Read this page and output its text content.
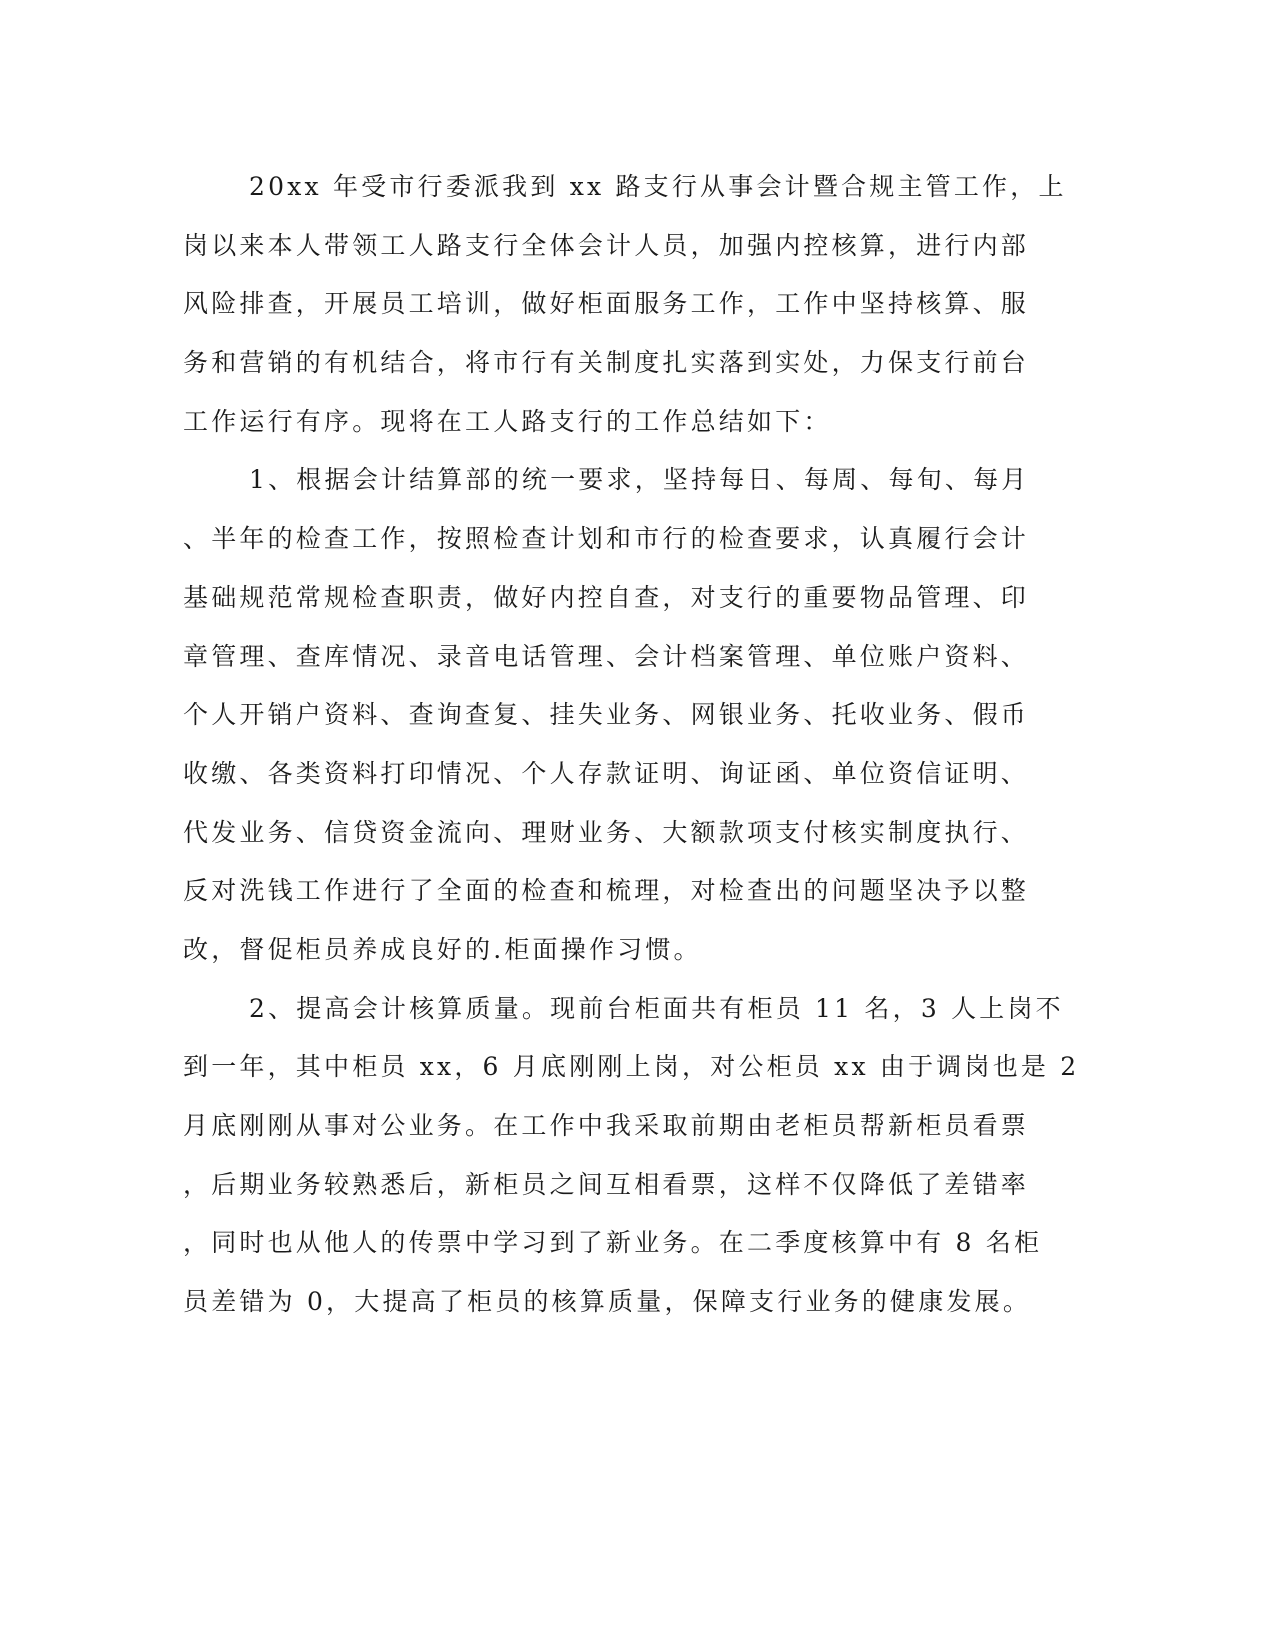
20xx 年受市行委派我到 xx 路支行从事会计暨合规主管工作，上
岗以来本人带领工人路支行全体会计人员，加强内控核算，进行内部
风险排查，开展员工培训，做好柜面服务工作，工作中坚持核算、服
务和营销的有机结合，将市行有关制度扎实落到实处，力保支行前台
工作运行有序。现将在工人路支行的工作总结如下：
1、根据会计结算部的统一要求，坚持每日、每周、每旬、每月
、半年的检查工作，按照检查计划和市行的检查要求，认真履行会计
基础规范常规检查职责，做好内控自查，对支行的重要物品管理、印
章管理、查库情况、录音电话管理、会计档案管理、单位账户资料、
个人开销户资料、查询查复、挂失业务、网银业务、托收业务、假币
收缴、各类资料打印情况、个人存款证明、询证函、单位资信证明、
代发业务、信贷资金流向、理财业务、大额款项支付核实制度执行、
反对洗钱工作进行了全面的检查和梳理，对检查出的问题坚决予以整
改，督促柜员养成良好的.柜面操作习惯。
2、提高会计核算质量。现前台柜面共有柜员 11 名，3 人上岗不
到一年，其中柜员 xx，6 月底刚刚上岗，对公柜员 xx 由于调岗也是 2
月底刚刚从事对公业务。在工作中我采取前期由老柜员帮新柜员看票
，后期业务较熟悉后，新柜员之间互相看票，这样不仅降低了差错率
，同时也从他人的传票中学习到了新业务。在二季度核算中有 8 名柜
员差错为 0，大提高了柜员的核算质量，保障支行业务的健康发展。
